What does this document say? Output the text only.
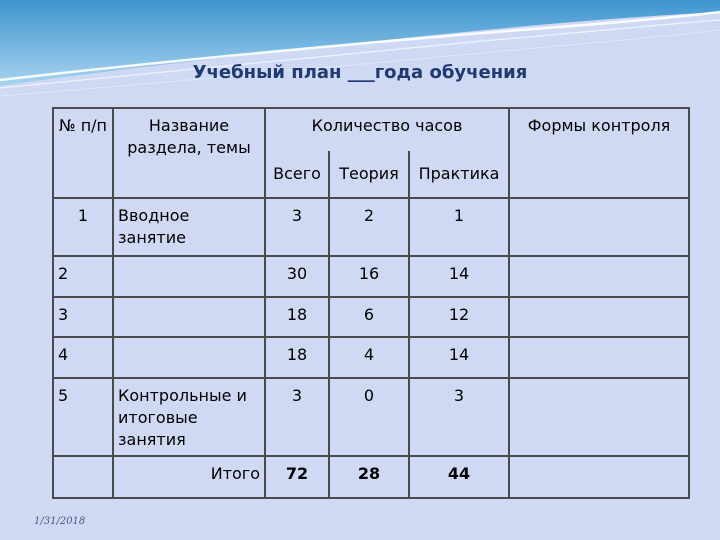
Учебный план ___года обучения
№ п/п	Название раздела, темы	Количество часов			Формы контроля
		Всего	Теория	Практика	
1	Вводное занятие	3	2	1	
2		30	16	14	
3		18	6	12	
4		18	4	14	
5	Контрольные и итоговые занятия	3	0	3	
	Итого	72	28	44	
1/31/2018
